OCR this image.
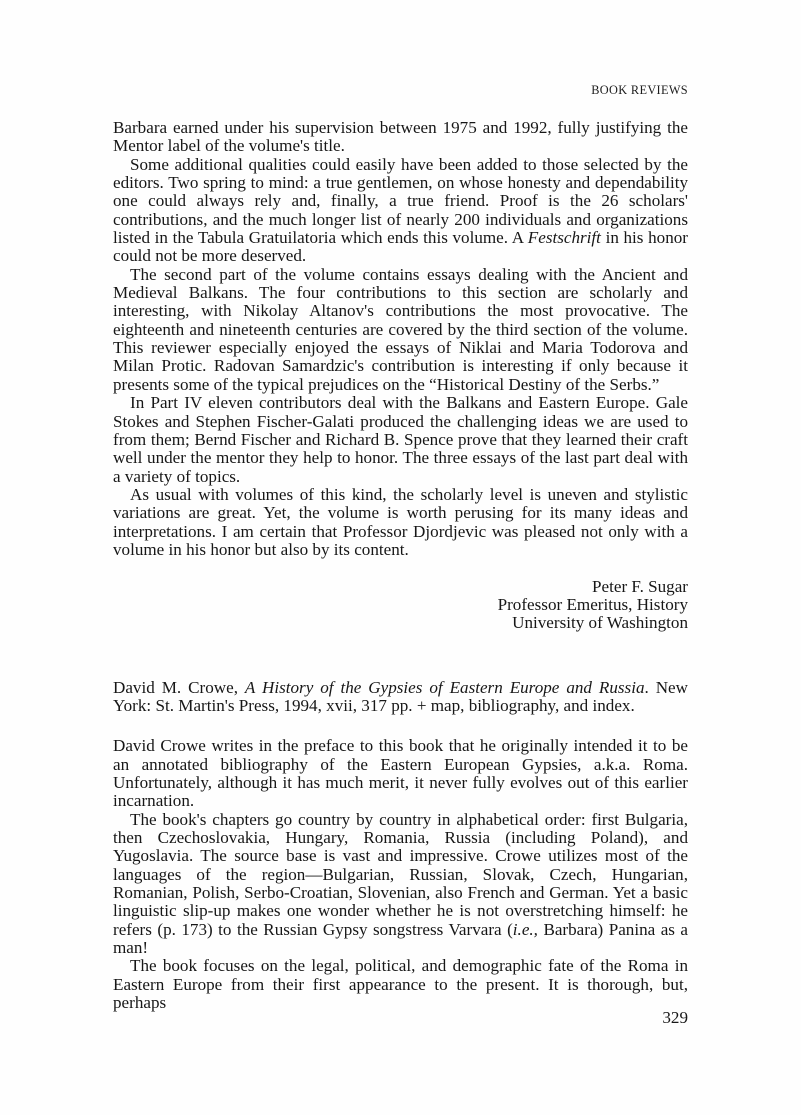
BOOK REVIEWS

Barbara earned under his supervision between 1975 and 1992, fully justifying the Mentor label of the volume's title.

Some additional qualities could easily have been added to those selected by the editors. Two spring to mind: a true gentlemen, on whose honesty and dependability one could always rely and, finally, a true friend. Proof is the 26 scholars' contributions, and the much longer list of nearly 200 individuals and organizations listed in the Tabula Gratuilatoria which ends this volume. A Festschrift in his honor could not be more deserved.

The second part of the volume contains essays dealing with the Ancient and Medieval Balkans. The four contributions to this section are scholarly and interesting, with Nikolay Altanov's contributions the most provocative. The eighteenth and nineteenth centuries are covered by the third section of the volume. This reviewer especially enjoyed the essays of Niklai and Maria Todorova and Milan Protic. Radovan Samardzic's contribution is interesting if only because it presents some of the typical prejudices on the “Historical Destiny of the Serbs.”

In Part IV eleven contributors deal with the Balkans and Eastern Europe. Gale Stokes and Stephen Fischer-Galati produced the challenging ideas we are used to from them; Bernd Fischer and Richard B. Spence prove that they learned their craft well under the mentor they help to honor. The three essays of the last part deal with a variety of topics.

As usual with volumes of this kind, the scholarly level is uneven and stylistic variations are great. Yet, the volume is worth perusing for its many ideas and interpretations. I am certain that Professor Djordjevic was pleased not only with a volume in his honor but also by its content.

Peter F. Sugar
Professor Emeritus, History
University of Washington

David M. Crowe, A History of the Gypsies of Eastern Europe and Russia. New York: St. Martin's Press, 1994, xvii, 317 pp. + map, bibliography, and index.

David Crowe writes in the preface to this book that he originally intended it to be an annotated bibliography of the Eastern European Gypsies, a.k.a. Roma. Unfortunately, although it has much merit, it never fully evolves out of this earlier incarnation.

The book's chapters go country by country in alphabetical order: first Bulgaria, then Czechoslovakia, Hungary, Romania, Russia (including Poland), and Yugoslavia. The source base is vast and impressive. Crowe utilizes most of the languages of the region—Bulgarian, Russian, Slovak, Czech, Hungarian, Romanian, Polish, Serbo-Croatian, Slovenian, also French and German. Yet a basic linguistic slip-up makes one wonder whether he is not overstretching himself: he refers (p. 173) to the Russian Gypsy songstress Varvara (i.e., Barbara) Panina as a man!

The book focuses on the legal, political, and demographic fate of the Roma in Eastern Europe from their first appearance to the present. It is thorough, but, perhaps

329
